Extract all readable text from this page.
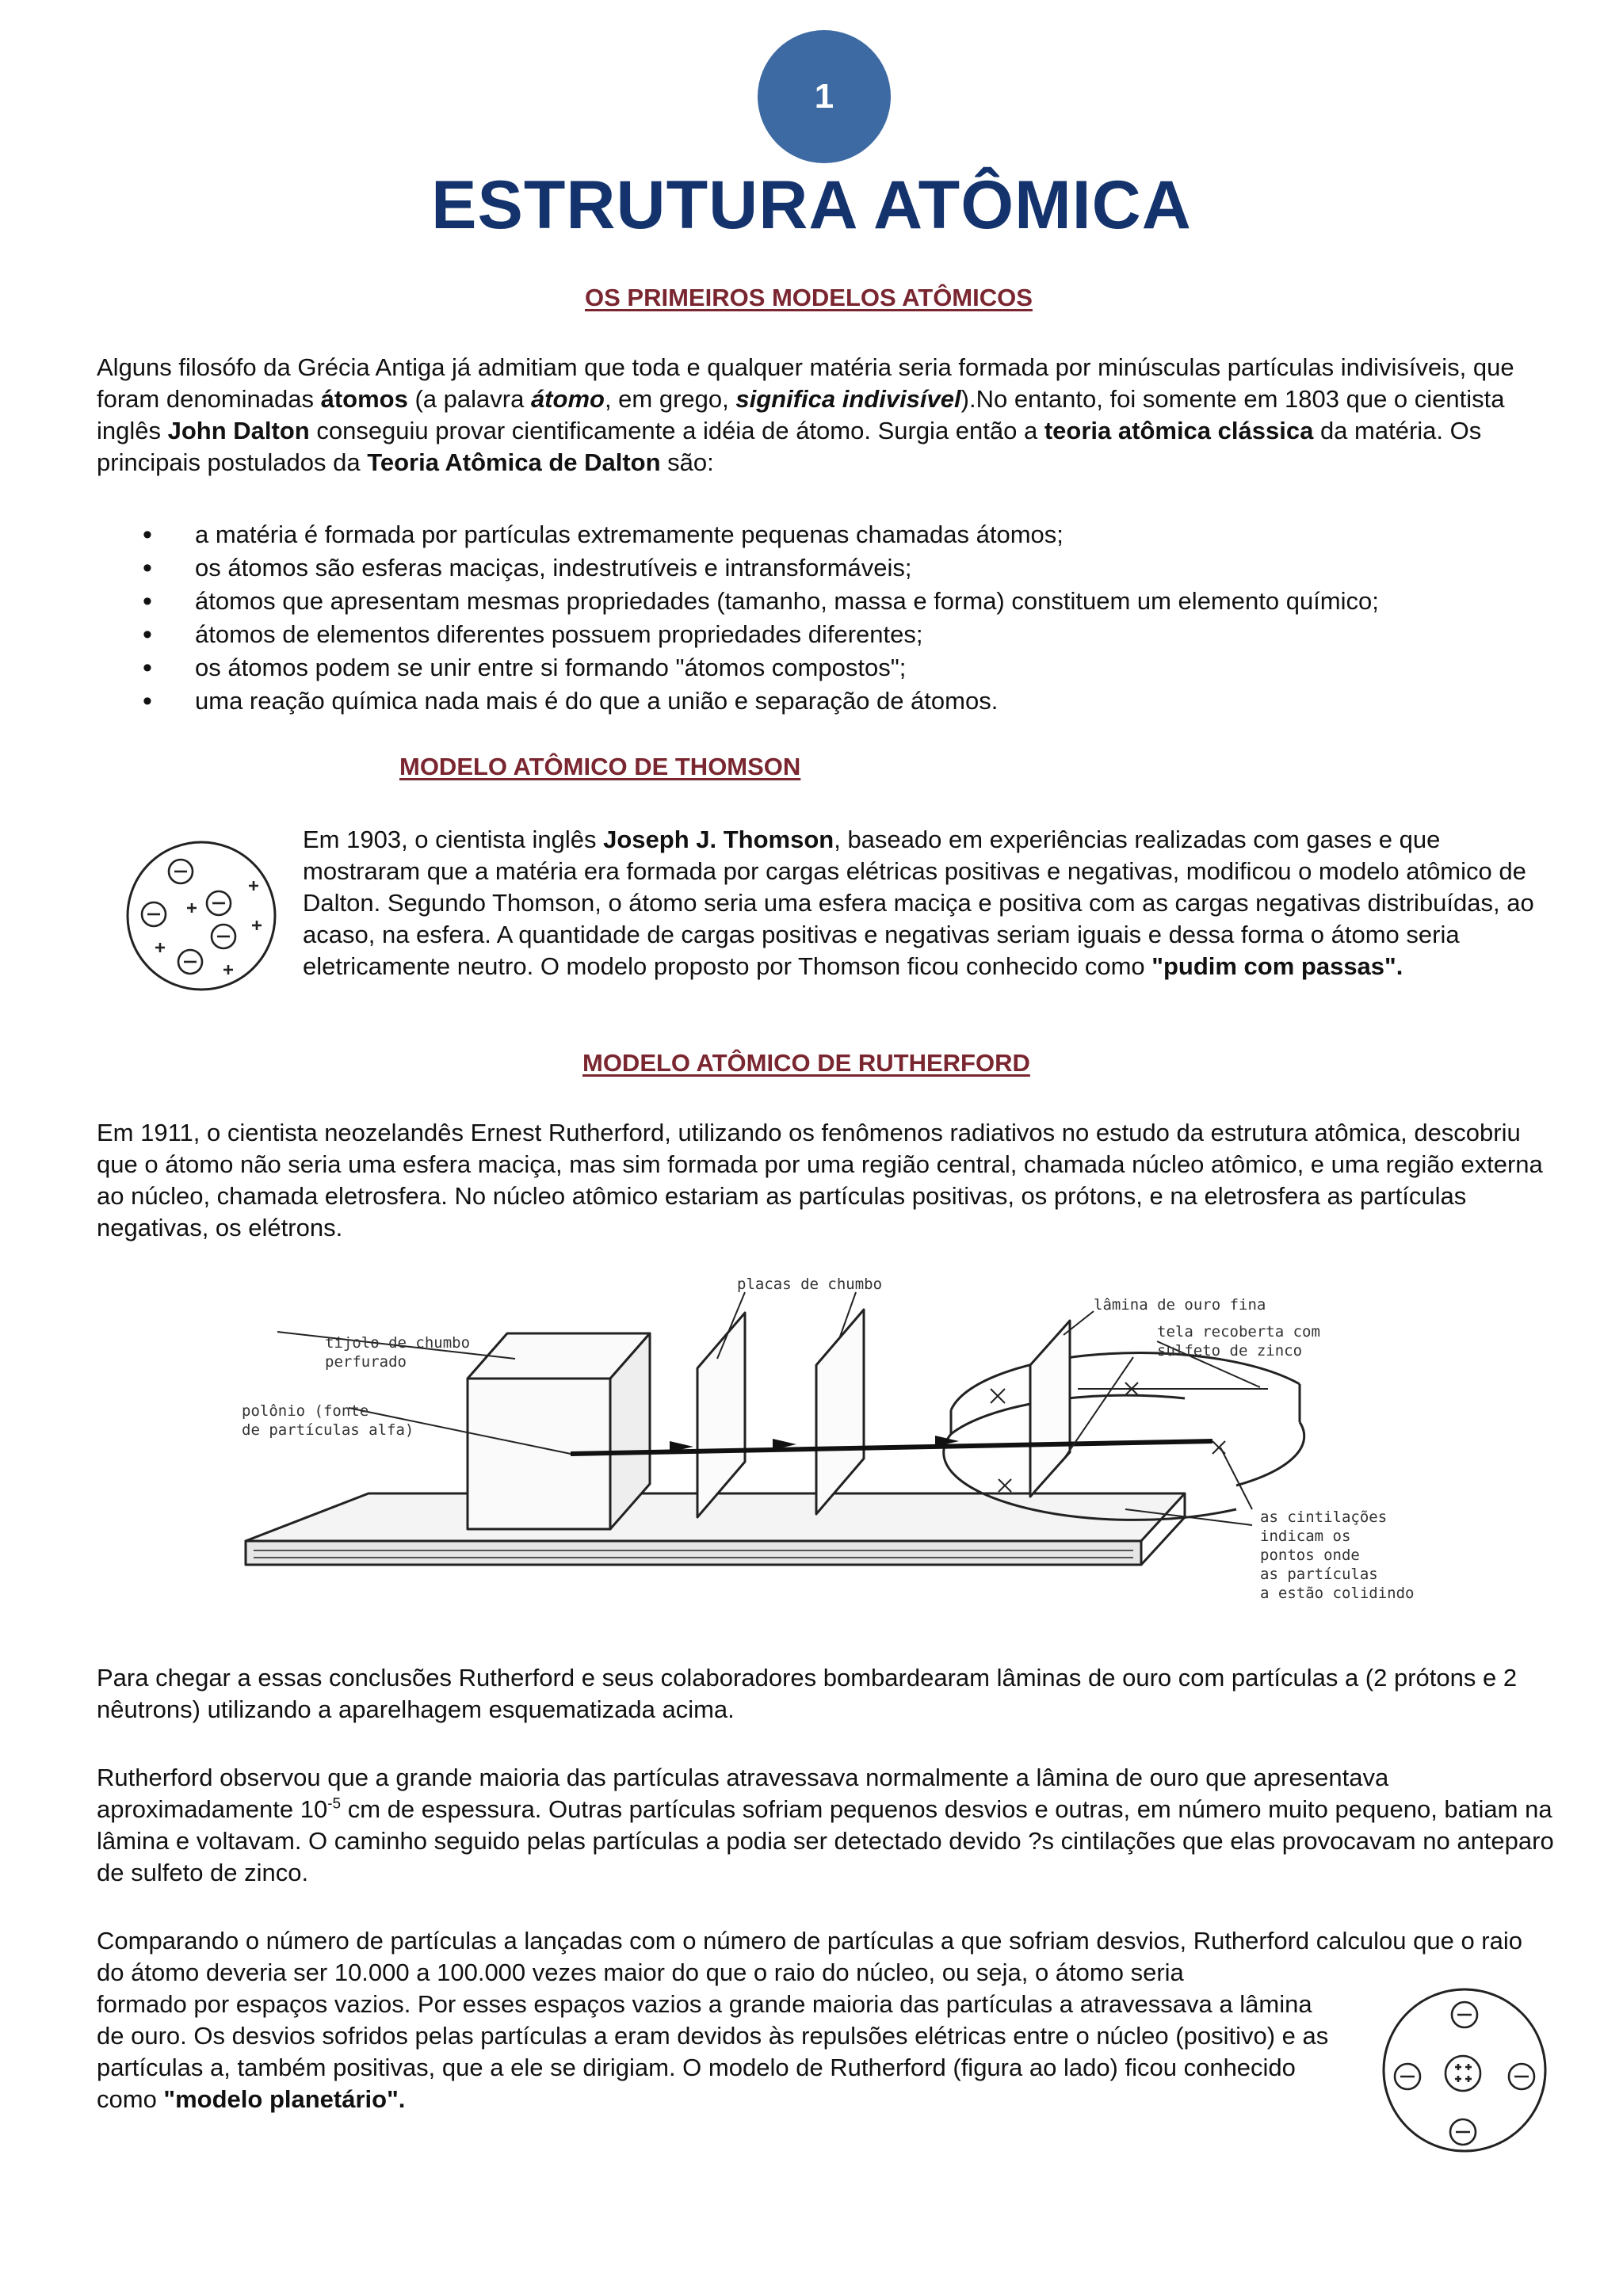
1
ESTRUTURA ATÔMICA
OS PRIMEIROS MODELOS ATÔMICOS
Alguns filosófo da Grécia Antiga já admitiam que toda e qualquer matéria seria formada por minúsculas partículas indivisíveis, que foram denominadas átomos (a palavra átomo, em grego, significa indivisível).No entanto, foi somente em 1803 que o cientista inglês John Dalton conseguiu provar cientificamente a idéia de átomo. Surgia então a teoria atômica clássica da matéria. Os principais postulados da Teoria Atômica de Dalton são:
• a matéria é formada por partículas extremamente pequenas chamadas átomos;
• os átomos são esferas maciças, indestrutíveis e intransformáveis;
• átomos que apresentam mesmas propriedades (tamanho, massa e forma) constituem um elemento químico;
• átomos de elementos diferentes possuem propriedades diferentes;
• os átomos podem se unir entre si formando "átomos compostos";
• uma reação química nada mais é do que a união e separação de átomos.
MODELO ATÔMICO DE THOMSON
Em 1903, o cientista inglês Joseph J. Thomson, baseado em experiências realizadas com gases e que mostraram que a matéria era formada por cargas elétricas positivas e negativas, modificou o modelo atômico de Dalton. Segundo Thomson, o átomo seria uma esfera maciça e positiva com as cargas negativas distribuídas, ao acaso, na esfera. A quantidade de cargas positivas e negativas seriam iguais e dessa forma o átomo seria eletricamente neutro. O modelo proposto por Thomson ficou conhecido como "pudim com passas".
MODELO ATÔMICO DE RUTHERFORD
Em 1911, o cientista neozelandês Ernest Rutherford, utilizando os fenômenos radiativos no estudo da estrutura atômica, descobriu que o átomo não seria uma esfera maciça, mas sim formada por uma região central, chamada núcleo atômico, e uma região externa ao núcleo, chamada eletrosfera. No núcleo atômico estariam as partículas positivas, os prótons, e na eletrosfera as partículas negativas, os elétrons.
placas de chumbo
lâmina de ouro fina
tela recoberta com
sulfeto de zinco
tijolo de chumbo
perfurado
polônio (fonte
de partículas alfa)
as cintilações
indicam os
pontos onde
as partículas
a estão colidindo
Para chegar a essas conclusões Rutherford e seus colaboradores bombardearam lâminas de ouro com partículas a (2 prótons e 2 nêutrons) utilizando a aparelhagem esquematizada acima.
Rutherford observou que a grande maioria das partículas atravessava normalmente a lâmina de ouro que apresentava aproximadamente $10^{-5}$ cm de espessura. Outras partículas sofriam pequenos desvios e outras, em número muito pequeno, batiam na lâmina e voltavam. O caminho seguido pelas partículas a podia ser detectado devido ?s cintilações que elas provocavam no anteparo de sulfeto de zinco.
Comparando o número de partículas a lançadas com o número de partículas a que sofriam desvios, Rutherford calculou que o raio do átomo deveria ser 10.000 a 100.000 vezes maior do que o raio do núcleo, ou seja, o átomo seria
formado por espaços vazios. Por esses espaços vazios a grande maioria das partículas a atravessava a lâmina de ouro. Os desvios sofridos pelas partículas a eram devidos às repulsões elétricas entre o núcleo (positivo) e as partículas a, também positivas, que a ele se dirigiam. O modelo de Rutherford (figura ao lado) ficou conhecido como "modelo planetário".
